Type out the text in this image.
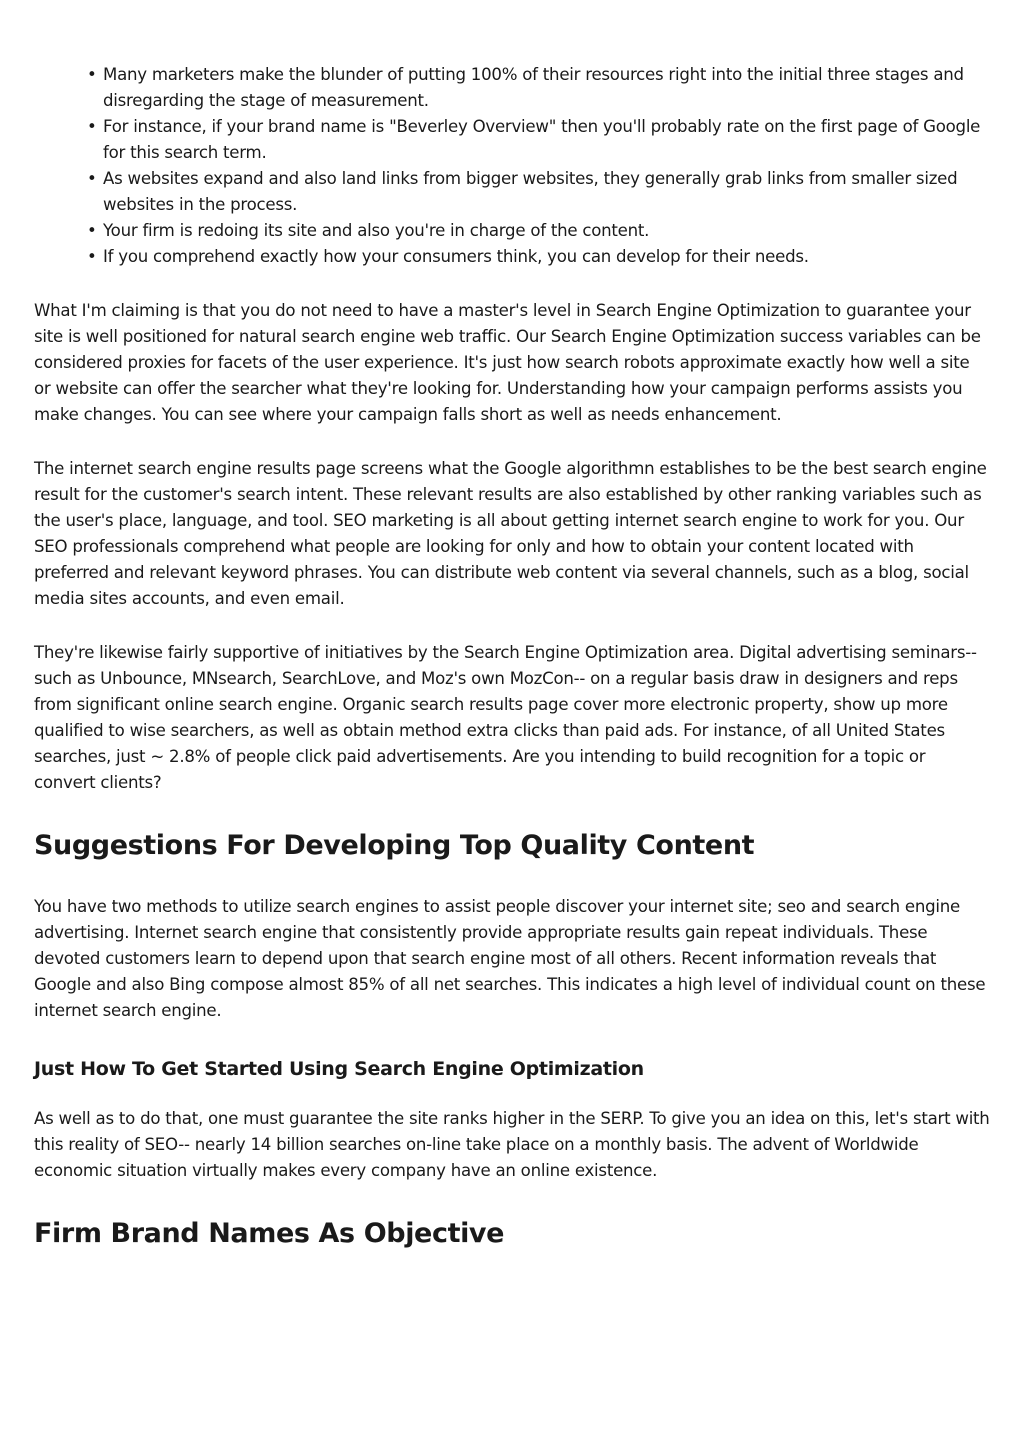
• Many marketers make the blunder of putting 100% of their resources right into the initial three stages and disregarding the stage of measurement.
• For instance, if your brand name is "Beverley Overview" then you'll probably rate on the first page of Google for this search term.
• As websites expand and also land links from bigger websites, they generally grab links from smaller sized websites in the process.
• Your firm is redoing its site and also you're in charge of the content.
• If you comprehend exactly how your consumers think, you can develop for their needs.

What I'm claiming is that you do not need to have a master's level in Search Engine Optimization to guarantee your site is well positioned for natural search engine web traffic. Our Search Engine Optimization success variables can be considered proxies for facets of the user experience. It's just how search robots approximate exactly how well a site or website can offer the searcher what they're looking for. Understanding how your campaign performs assists you make changes. You can see where your campaign falls short as well as needs enhancement.

The internet search engine results page screens what the Google algorithmn establishes to be the best search engine result for the customer's search intent. These relevant results are also established by other ranking variables such as the user's place, language, and tool. SEO marketing is all about getting internet search engine to work for you. Our SEO professionals comprehend what people are looking for only and how to obtain your content located with preferred and relevant keyword phrases. You can distribute web content via several channels, such as a blog, social media sites accounts, and even email.

They're likewise fairly supportive of initiatives by the Search Engine Optimization area. Digital advertising seminars-- such as Unbounce, MNsearch, SearchLove, and Moz's own MozCon-- on a regular basis draw in designers and reps from significant online search engine. Organic search results page cover more electronic property, show up more qualified to wise searchers, as well as obtain method extra clicks than paid ads. For instance, of all United States searches, just ~ 2.8% of people click paid advertisements. Are you intending to build recognition for a topic or convert clients?

Suggestions For Developing Top Quality Content

You have two methods to utilize search engines to assist people discover your internet site; seo and search engine advertising. Internet search engine that consistently provide appropriate results gain repeat individuals. These devoted customers learn to depend upon that search engine most of all others. Recent information reveals that Google and also Bing compose almost 85% of all net searches. This indicates a high level of individual count on these internet search engine.

Just How To Get Started Using Search Engine Optimization

As well as to do that, one must guarantee the site ranks higher in the SERP. To give you an idea on this, let's start with this reality of SEO-- nearly 14 billion searches on-line take place on a monthly basis. The advent of Worldwide economic situation virtually makes every company have an online existence.

Firm Brand Names As Objective
